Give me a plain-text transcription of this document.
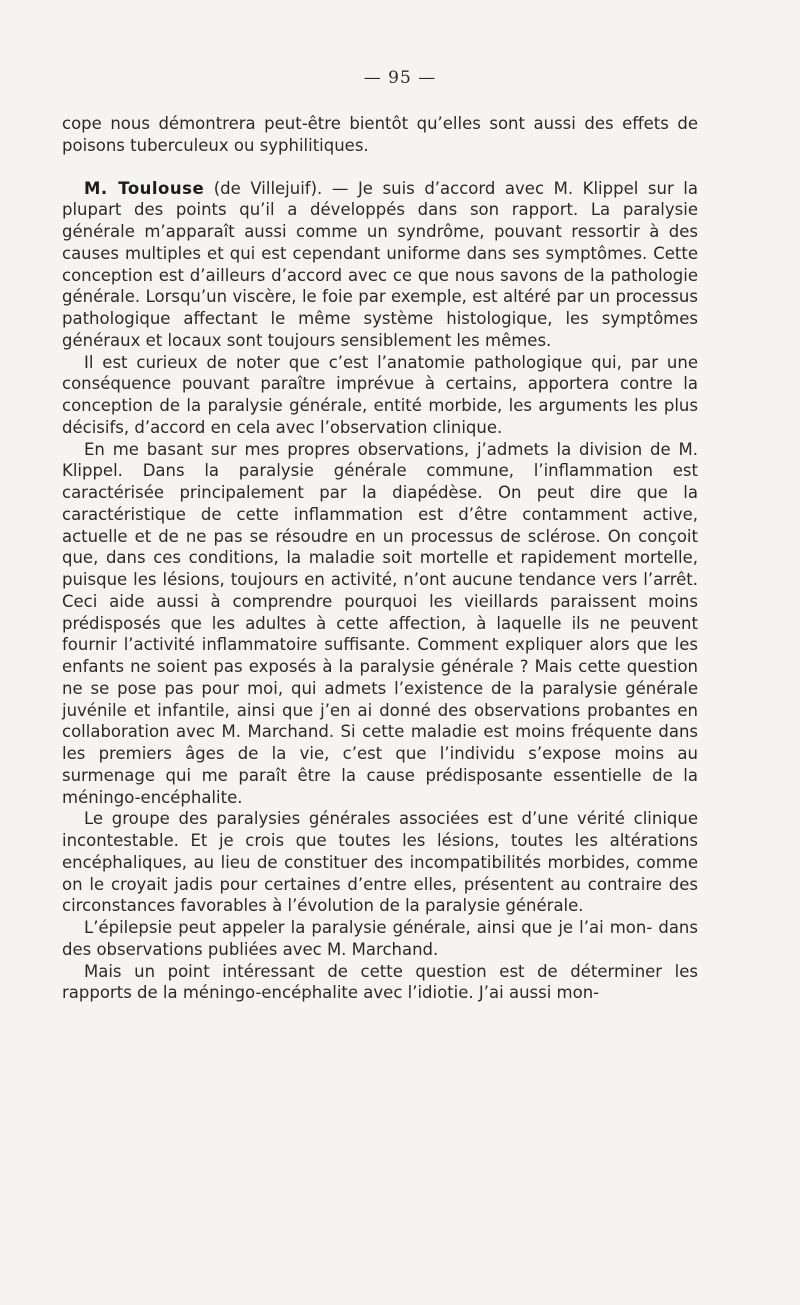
— 95 —

cope nous démontrera peut-être bientôt qu’elles sont aussi des effets de poisons tuberculeux ou syphilitiques.

M. Toulouse (de Villejuif). — Je suis d’accord avec M. Klippel sur la plupart des points qu’il a développés dans son rapport. La paralysie générale m’apparaît aussi comme un syndrôme, pouvant ressortir à des causes multiples et qui est cependant uniforme dans ses symptômes. Cette conception est d’ailleurs d’accord avec ce que nous savons de la pathologie générale. Lorsqu’un viscère, le foie par exemple, est altéré par un processus pathologique affectant le même système histologique, les symptômes généraux et locaux sont toujours sensiblement les mêmes.

Il est curieux de noter que c’est l’anatomie pathologique qui, par une conséquence pouvant paraître imprévue à certains, apportera contre la conception de la paralysie générale, entité morbide, les arguments les plus décisifs, d’accord en cela avec l’observation clinique.

En me basant sur mes propres observations, j’admets la division de M. Klippel. Dans la paralysie générale commune, l’inflammation est caractérisée principalement par la diapédèse. On peut dire que la caractéristique de cette inflammation est d’être contamment active, actuelle et de ne pas se résoudre en un processus de sclérose. On conçoit que, dans ces conditions, la maladie soit mortelle et rapidement mortelle, puisque les lésions, toujours en activité, n’ont aucune tendance vers l’arrêt. Ceci aide aussi à comprendre pourquoi les vieillards paraissent moins prédisposés que les adultes à cette affection, à laquelle ils ne peuvent fournir l’activité inflammatoire suffisante. Comment expliquer alors que les enfants ne soient pas exposés à la paralysie générale ? Mais cette question ne se pose pas pour moi, qui admets l’existence de la paralysie générale juvénile et infantile, ainsi que j’en ai donné des observations probantes en collaboration avec M. Marchand. Si cette maladie est moins fréquente dans les premiers âges de la vie, c’est que l’individu s’expose moins au surmenage qui me paraît être la cause prédisposante essentielle de la méningo-encéphalite.

Le groupe des paralysies générales associées est d’une vérité clinique incontestable. Et je crois que toutes les lésions, toutes les altérations encéphaliques, au lieu de constituer des incompatibilités morbides, comme on le croyait jadis pour certaines d’entre elles, présentent au contraire des circonstances favorables à l’évolution de la paralysie générale.

L’épilepsie peut appeler la paralysie générale, ainsi que je l’ai mon- dans des observations publiées avec M. Marchand.

Mais un point intéressant de cette question est de déterminer les rapports de la méningo-encéphalite avec l’idiotie. J’ai aussi mon-
